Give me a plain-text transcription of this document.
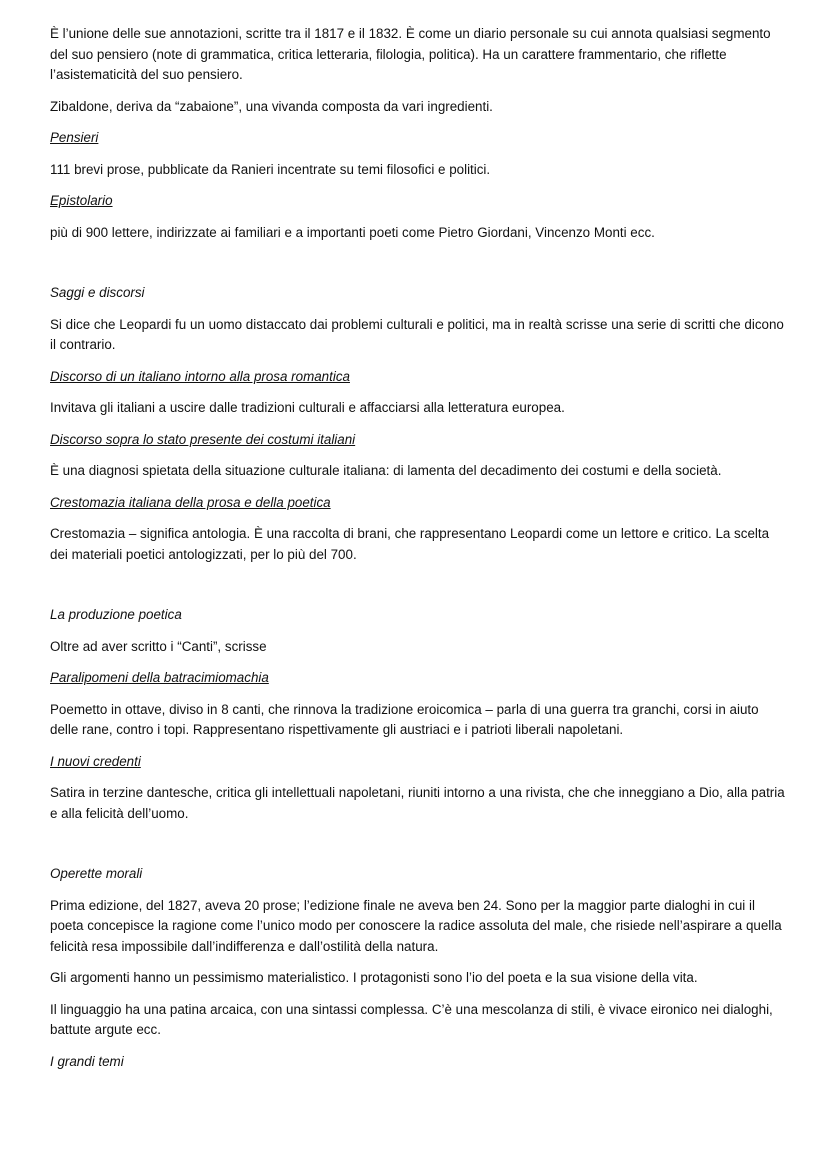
È l’unione delle sue annotazioni, scritte tra il 1817 e il 1832. È come un diario personale su cui annota qualsiasi segmento del suo pensiero (note di grammatica, critica letteraria, filologia, politica). Ha un carattere frammentario, che riflette l’asistematicità del suo pensiero.

Zibaldone, deriva da “zabaione”, una vivanda composta da vari ingredienti.

Pensieri

111 brevi prose, pubblicate da Ranieri incentrate su temi filosofici e politici.

Epistolario

più di 900 lettere, indirizzate ai familiari e a importanti poeti come Pietro Giordani, Vincenzo Monti ecc.

Saggi e discorsi

Si dice che Leopardi fu un uomo distaccato dai problemi culturali e politici, ma in realtà scrisse una serie di scritti che dicono il contrario.

Discorso di un italiano intorno alla prosa romantica

Invitava gli italiani a uscire dalle tradizioni culturali e affacciarsi alla letteratura europea.

Discorso sopra lo stato presente dei costumi italiani

È una diagnosi spietata della situazione culturale italiana: di lamenta del decadimento dei costumi e della società.

Crestomazia italiana della prosa e della poetica

Crestomazia – significa antologia. È una raccolta di brani, che rappresentano Leopardi come un lettore e critico. La scelta dei materiali poetici antologizzati, per lo più del 700.

La produzione poetica

Oltre ad aver scritto i “Canti”, scrisse

Paralipomeni della batracimiomachia

Poemetto in ottave, diviso in 8 canti, che rinnova la tradizione eroicomica – parla di una guerra tra granchi, corsi in aiuto delle rane, contro i topi. Rappresentano rispettivamente gli austriaci e i patrioti liberali napoletani.

I nuovi credenti

Satira in terzine dantesche, critica gli intellettuali napoletani, riuniti intorno a una rivista, che che inneggiano a Dio, alla patria e alla felicità dell’uomo.

Operette morali

Prima edizione, del 1827, aveva 20 prose; l’edizione finale ne aveva ben 24. Sono per la maggior parte dialoghi in cui il poeta concepisce la ragione come l’unico modo per conoscere la radice assoluta del male, che risiede nell’aspirare a quella felicità resa impossibile dall’indifferenza e dall’ostilità della natura.

Gli argomenti hanno un pessimismo materialistico. I protagonisti sono l’io del poeta e la sua visione della vita.

Il linguaggio ha una patina arcaica, con una sintassi complessa. C’è una mescolanza di stili, è vivace eironico nei dialoghi, battute argute ecc.

I grandi temi
